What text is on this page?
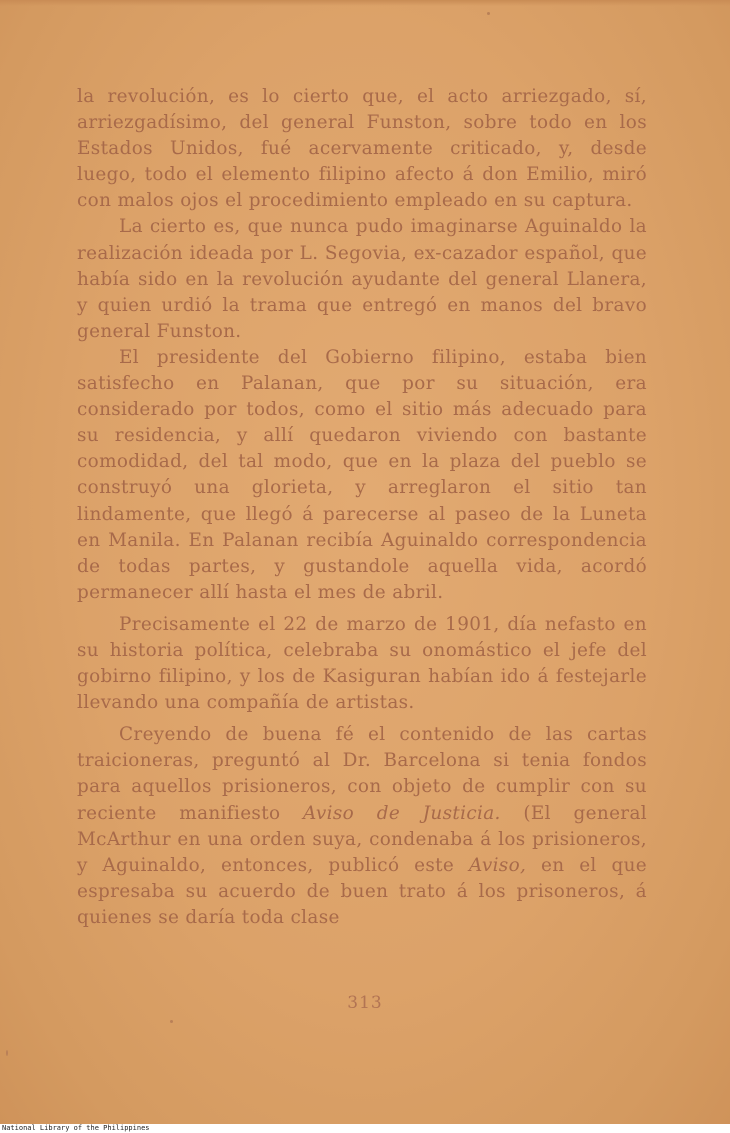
la revolución, es lo cierto que, el acto arriezgado, sí, arriezgadísimo, del general Funston, sobre todo en los Estados Unidos, fué acervamente criticado, y, desde luego, todo el elemento filipino afecto á don Emilio, miró con malos ojos el procedimiento empleado en su captura.

La cierto es, que nunca pudo imaginarse Aguinaldo la realización ideada por L. Segovia, ex-cazador español, que había sido en la revolución ayudante del general Llanera, y quien urdió la trama que entregó en manos del bravo general Funston.

El presidente del Gobierno filipino, estaba bien satisfecho en Palanan, que por su situación, era considerado por todos, como el sitio más adecuado para su residencia, y allí quedaron viviendo con bastante comodidad, del tal modo, que en la plaza del pueblo se construyó una glorieta, y arreglaron el sitio tan lindamente, que llegó á parecerse al paseo de la Luneta en Manila. En Palanan recibía Aguinaldo correspondencia de todas partes, y gustandole aquella vida, acordó permanecer allí hasta el mes de abril.

Precisamente el 22 de marzo de 1901, día nefasto en su historia política, celebraba su onomástico el jefe del gobirno filipino, y los de Kasiguran habían ido á festejarle llevando una compañía de artistas.

Creyendo de buena fé el contenido de las cartas traicioneras, preguntó al Dr. Barcelona si tenia fondos para aquellos prisioneros, con objeto de cumplir con su reciente manifiesto Aviso de Justicia. (El general McArthur en una orden suya, condenaba á los prisioneros, y Aguinaldo, entonces, publicó este Aviso, en el que espresaba su acuerdo de buen trato á los prisoneros, á quienes se daría toda clase

313
National Library of the Philippines
